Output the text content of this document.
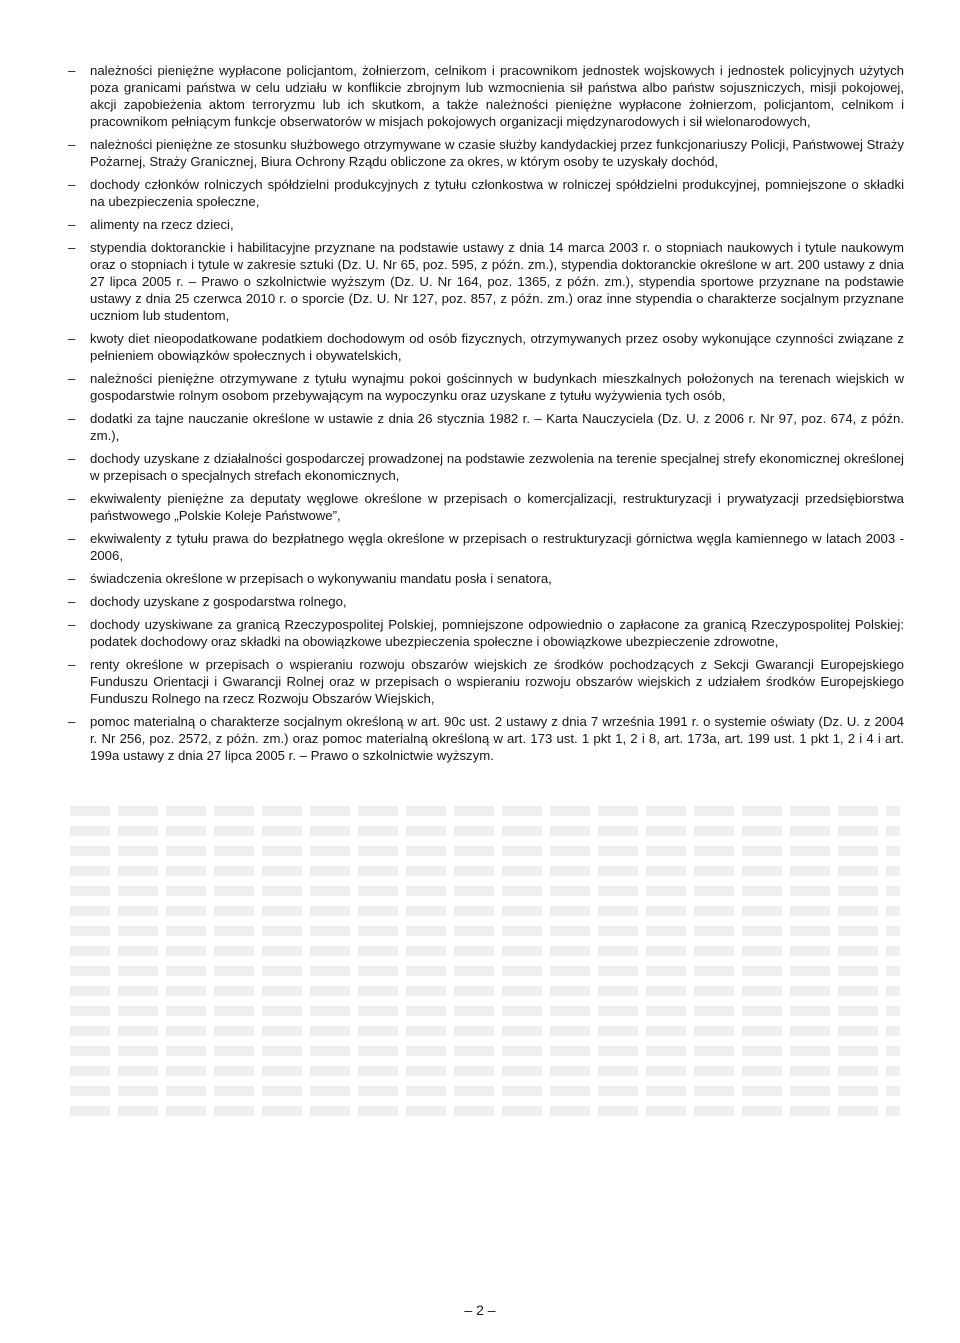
– należności pieniężne wypłacone policjantom, żołnierzom, celnikom i pracownikom jednostek wojskowych i jednostek policyjnych użytych poza granicami państwa w celu udziału w konflikcie zbrojnym lub wzmocnienia sił państwa albo państw sojuszniczych, misji pokojowej, akcji zapobieżenia aktom terroryzmu lub ich skutkom, a także należności pieniężne wypłacone żołnierzom, policjantom, celnikom i pracownikom pełniącym funkcje obserwatorów w misjach pokojowych organizacji międzynarodowych i sił wielonarodowych,
– należności pieniężne ze stosunku służbowego otrzymywane w czasie służby kandydackiej przez funkcjonariuszy Policji, Państwowej Straży Pożarnej, Straży Granicznej, Biura Ochrony Rządu obliczone za okres, w którym osoby te uzyskały dochód,
– dochody członków rolniczych spółdzielni produkcyjnych z tytułu członkostwa w rolniczej spółdzielni produkcyjnej, pomniejszone o składki na ubezpieczenia społeczne,
– alimenty na rzecz dzieci,
– stypendia doktoranckie i habilitacyjne przyznane na podstawie ustawy z dnia 14 marca 2003 r. o stopniach naukowych i tytule naukowym oraz o stopniach i tytule w zakresie sztuki (Dz. U. Nr 65, poz. 595, z późn. zm.), stypendia doktoranckie określone w art. 200 ustawy z dnia 27 lipca 2005 r. – Prawo o szkolnictwie wyższym (Dz. U. Nr 164, poz. 1365, z późn. zm.), stypendia sportowe przyznane na podstawie ustawy z dnia 25 czerwca 2010 r. o sporcie (Dz. U. Nr 127, poz. 857, z późn. zm.) oraz inne stypendia o charakterze socjalnym przyznane uczniom lub studentom,
– kwoty diet nieopodatkowane podatkiem dochodowym od osób fizycznych, otrzymywanych przez osoby wykonujące czynności związane z pełnieniem obowiązków społecznych i obywatelskich,
– należności pieniężne otrzymywane z tytułu wynajmu pokoi gościnnych w budynkach mieszkalnych położonych na terenach wiejskich w gospodarstwie rolnym osobom przebywającym na wypoczynku oraz uzyskane z tytułu wyżywienia tych osób,
– dodatki za tajne nauczanie określone w ustawie z dnia 26 stycznia 1982 r. – Karta Nauczyciela (Dz. U. z 2006 r. Nr 97, poz. 674, z późn. zm.),
– dochody uzyskane z działalności gospodarczej prowadzonej na podstawie zezwolenia na terenie specjalnej strefy ekonomicznej określonej w przepisach o specjalnych strefach ekonomicznych,
– ekwiwalenty pieniężne za deputaty węglowe określone w przepisach o komercjalizacji, restrukturyzacji i prywatyzacji przedsiębiorstwa państwowego „Polskie Koleje Państwowe”,
– ekwiwalenty z tytułu prawa do bezpłatnego węgla określone w przepisach o restrukturyzacji górnictwa węgla kamiennego w latach 2003 - 2006,
– świadczenia określone w przepisach o wykonywaniu mandatu posła i senatora,
– dochody uzyskane z gospodarstwa rolnego,
– dochody uzyskiwane za granicą Rzeczypospolitej Polskiej, pomniejszone odpowiednio o zapłacone za granicą Rzeczypospolitej Polskiej: podatek dochodowy oraz składki na obowiązkowe ubezpieczenia społeczne i obowiązkowe ubezpieczenie zdrowotne,
– renty określone w przepisach o wspieraniu rozwoju obszarów wiejskich ze środków pochodzących z Sekcji Gwarancji Europejskiego Funduszu Orientacji i Gwarancji Rolnej oraz w przepisach o wspieraniu rozwoju obszarów wiejskich z udziałem środków Europejskiego Funduszu Rolnego na rzecz Rozwoju Obszarów Wiejskich,
– pomoc materialną o charakterze socjalnym określoną w art. 90c ust. 2 ustawy z dnia 7 września 1991 r. o systemie oświaty (Dz. U. z 2004 r. Nr 256, poz. 2572, z późn. zm.) oraz pomoc materialną określoną w art. 173 ust. 1 pkt 1, 2 i 8, art. 173a, art. 199 ust. 1 pkt 1, 2 i 4 i art. 199a ustawy z dnia 27 lipca 2005 r. – Prawo o szkolnictwie wyższym.
– 2 –
